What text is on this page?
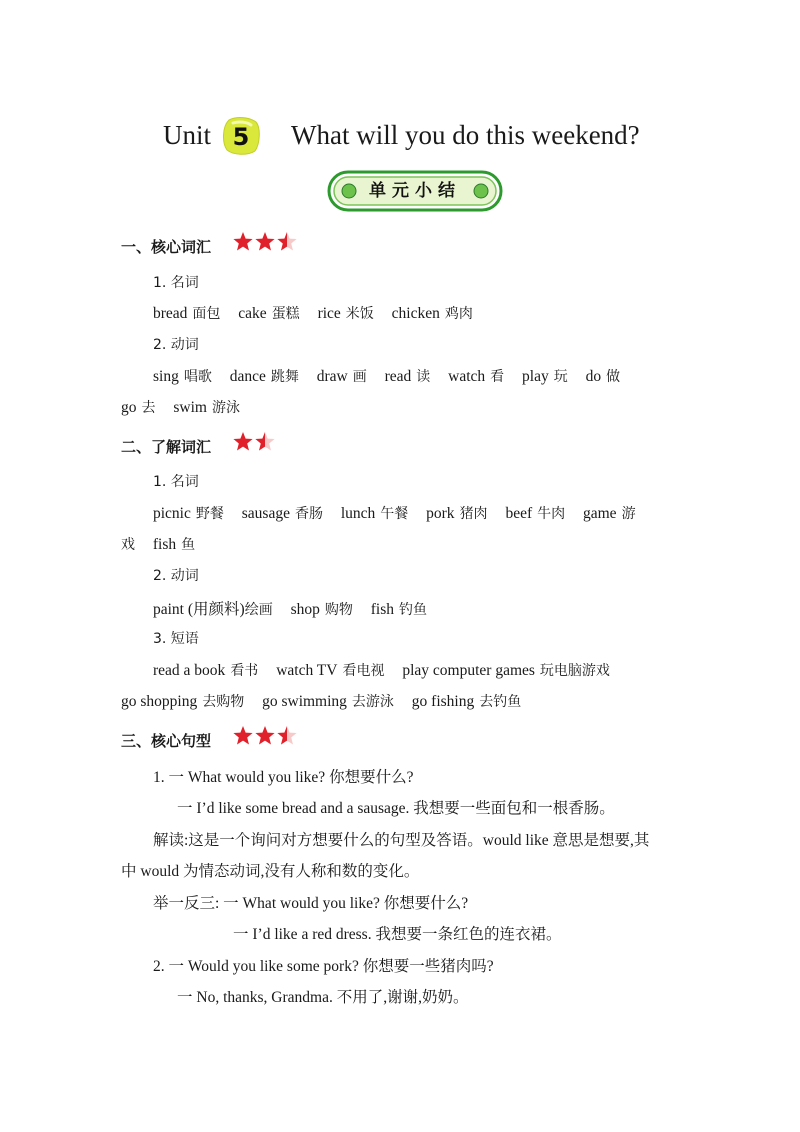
Unit 5 What will you do this weekend?
单元小结
一、核心词汇
1. 名词
bread 面包 cake 蛋糕 rice 米饭 chicken 鸡肉
2. 动词
sing 唱歌 dance 跳舞 draw 画 read 读 watch 看 play 玩 do 做
go 去 swim 游泳
二、了解词汇
1. 名词
picnic 野餐 sausage 香肠 lunch 午餐 pork 猪肉 beef 牛肉 game 游
戏 fish 鱼
2. 动词
paint (用颜料)绘画 shop 购物 fish 钓鱼
3. 短语
read a book 看书 watch TV 看电视 play computer games 玩电脑游戏
go shopping 去购物 go swimming 去游泳 go fishing 去钓鱼
三、核心句型
1. 一 What would you like? 你想要什么?
一 I’d like some bread and a sausage. 我想要一些面包和一根香肠。
解读:这是一个询问对方想要什么的句型及答语。would like 意思是想要,其
中 would 为情态动词,没有人称和数的变化。
举一反三: 一 What would you like? 你想要什么?
一 I’d like a red dress. 我想要一条红色的连衣裙。
2. 一 Would you like some pork? 你想要一些猪肉吗?
一 No, thanks, Grandma. 不用了,谢谢,奶奶。
